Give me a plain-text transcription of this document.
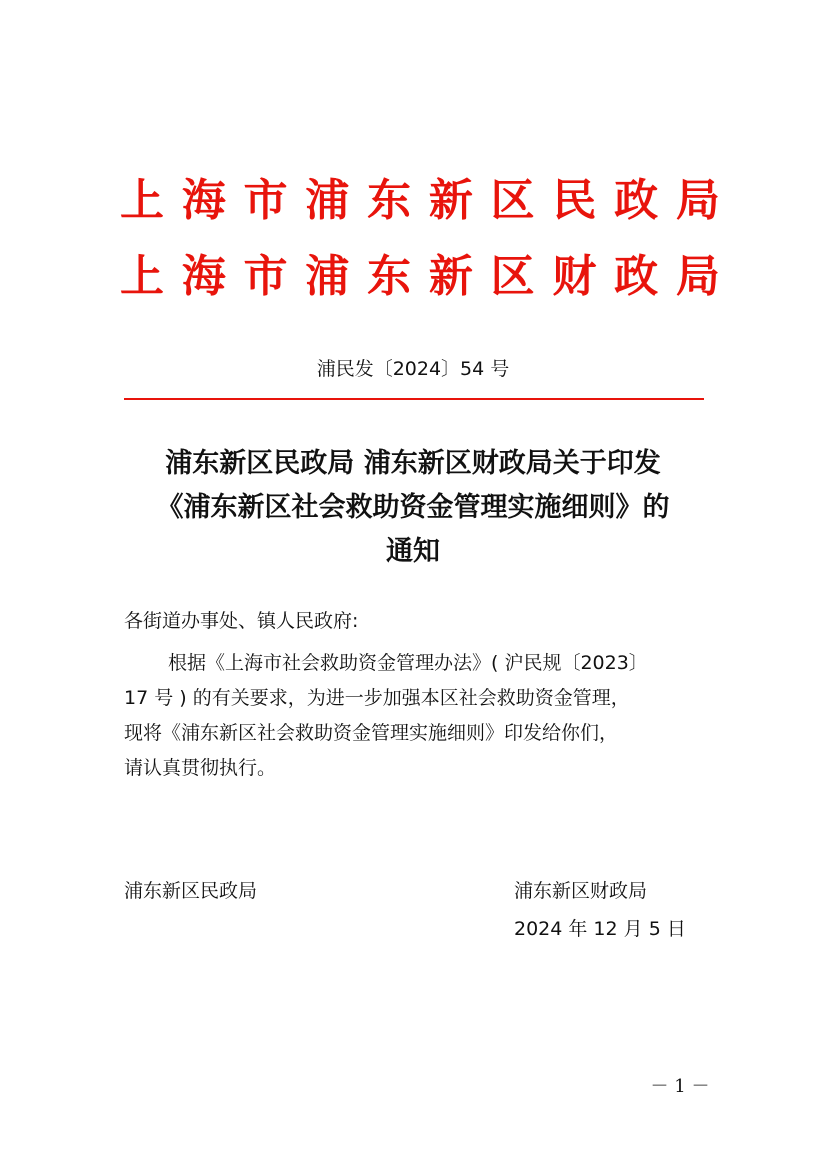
上 海 市 浦 东 新 区 民 政 局
上 海 市 浦 东 新 区 财 政 局
浦民发〔2024〕54 号
浦东新区民政局 浦东新区财政局关于印发
《浦东新区社会救助资金管理实施细则》的
通知
各街道办事处、镇人民政府:
根据《上海市社会救助资金管理办法》( 沪民规〔2023〕
17 号 ) 的有关要求，为进一步加强本区社会救助资金管理，
现将《浦东新区社会救助资金管理实施细则》印发给你们，
请认真贯彻执行。
浦东新区民政局	浦东新区财政局
2024 年 12 月 5 日
－ 1 －
